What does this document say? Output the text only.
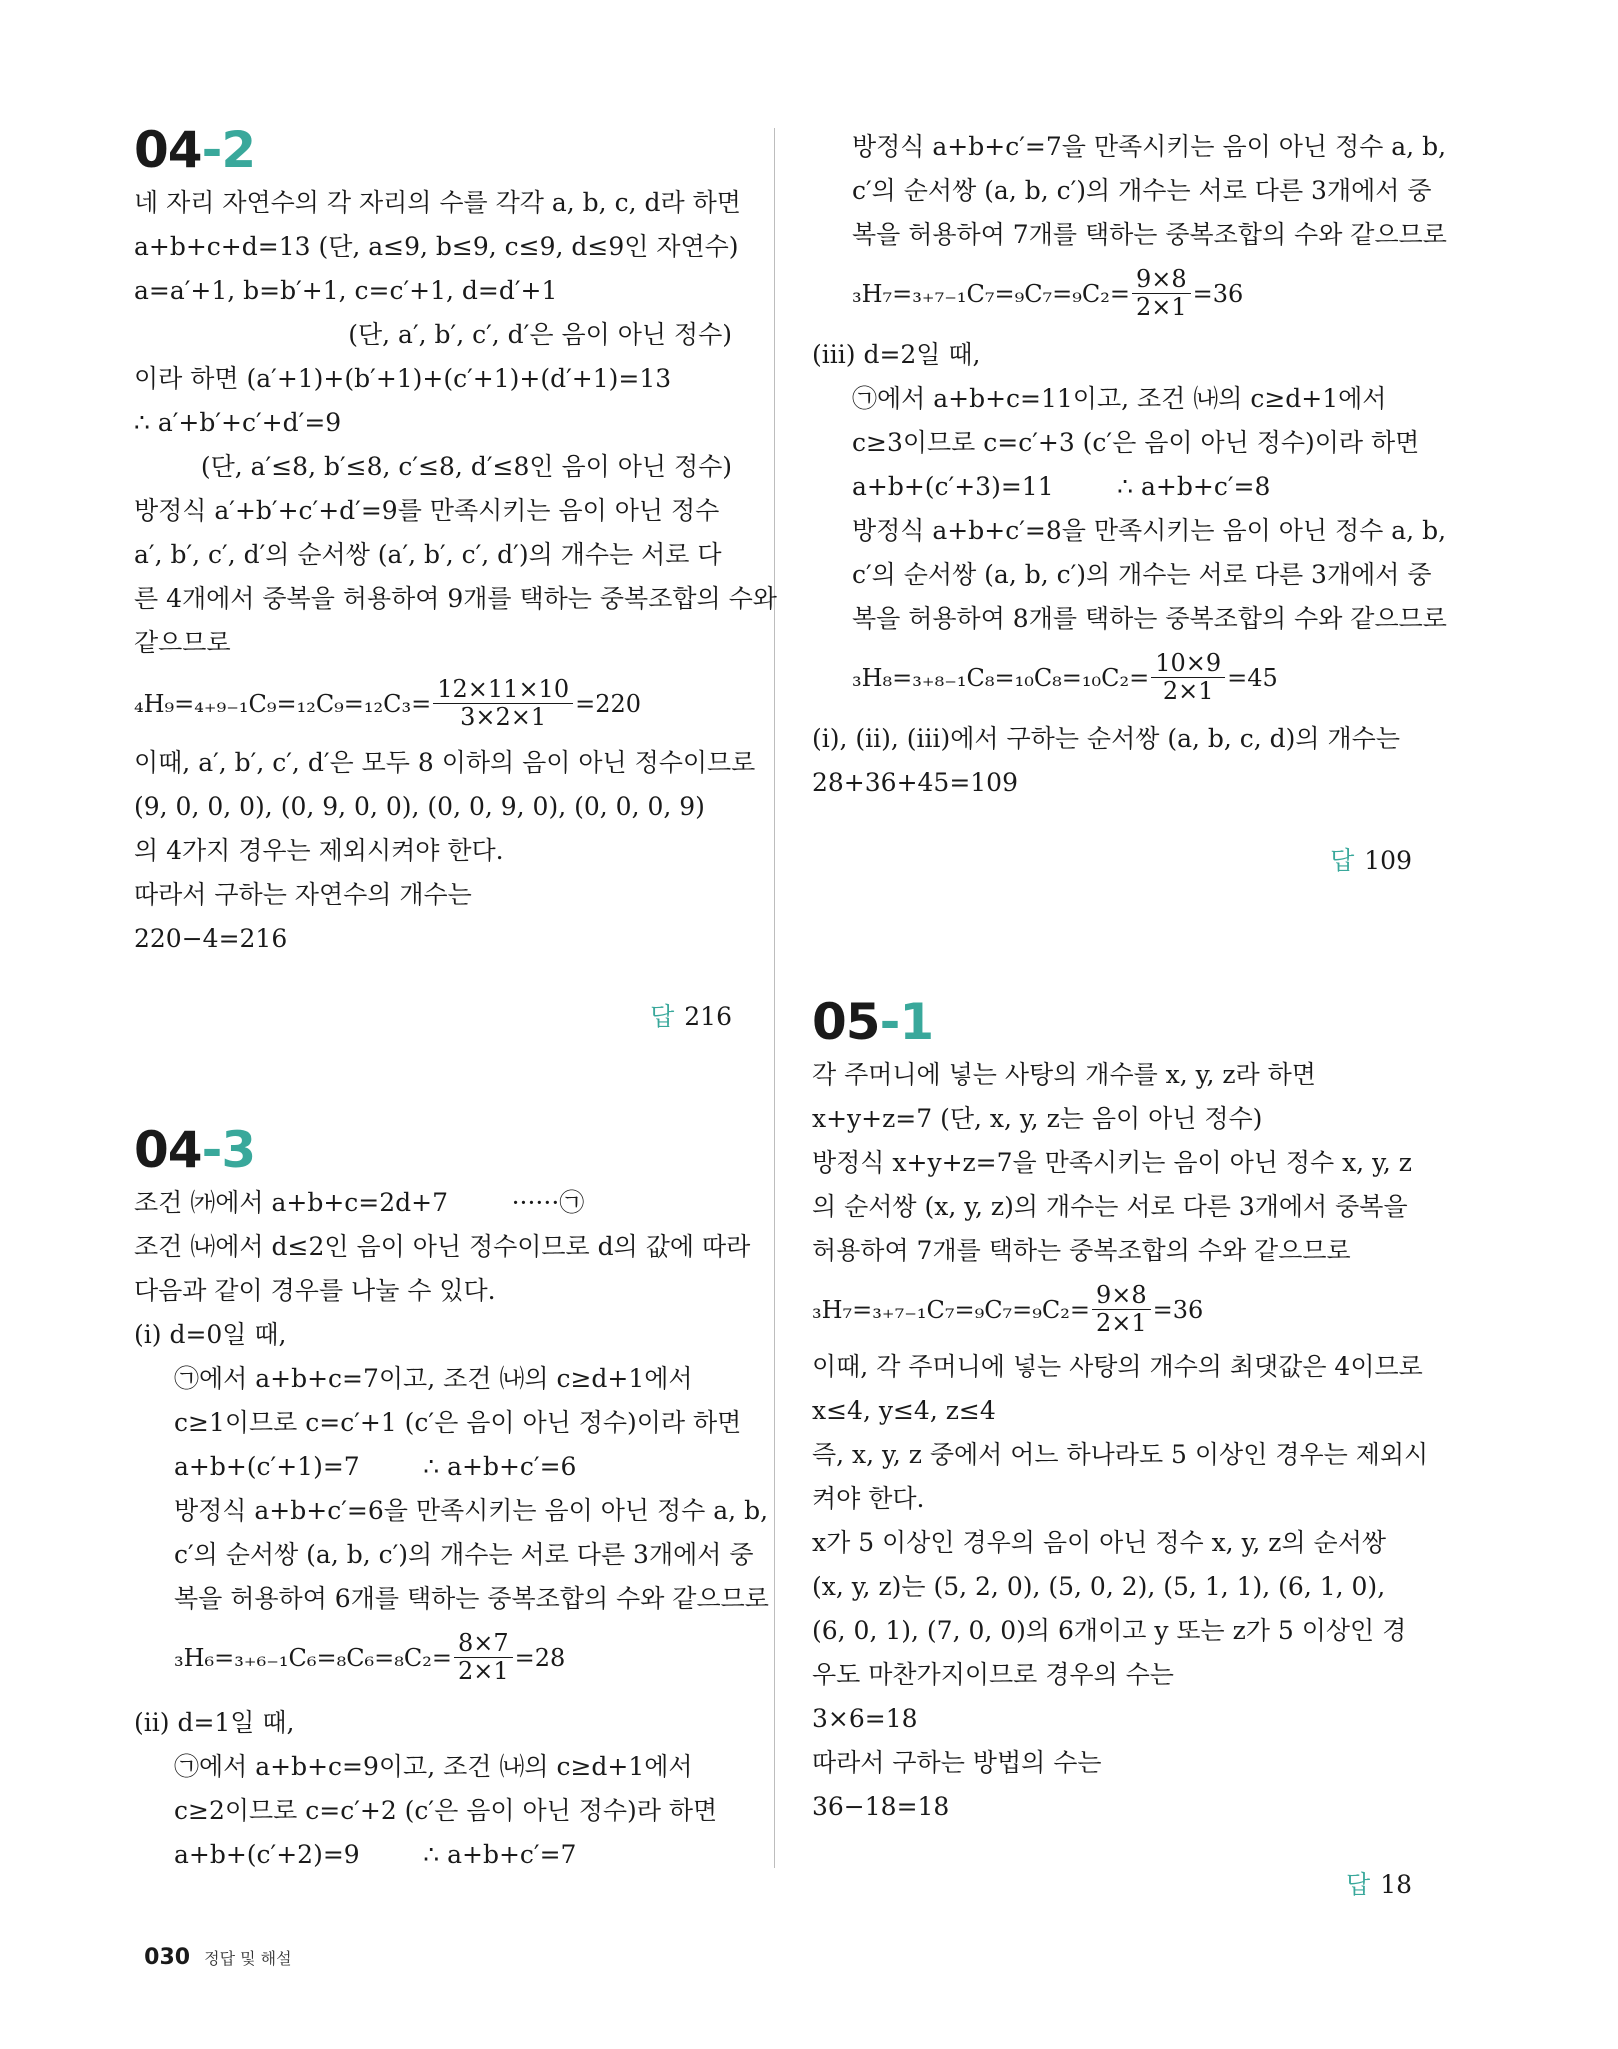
04-2
네 자리 자연수의 각 자리의 수를 각각 a, b, c, d라 하면
a+b+c+d=13 (단, a≤9, b≤9, c≤9, d≤9인 자연수)
a=a′+1, b=b′+1, c=c′+1, d=d′+1
(단, a′, b′, c′, d′은 음이 아닌 정수)
이라 하면 (a′+1)+(b′+1)+(c′+1)+(d′+1)=13
∴ a′+b′+c′+d′=9
(단, a′≤8, b′≤8, c′≤8, d′≤8인 음이 아닌 정수)
방정식 a′+b′+c′+d′=9를 만족시키는 음이 아닌 정수
a′, b′, c′, d′의 순서쌍 (a′, b′, c′, d′)의 개수는 서로 다
른 4개에서 중복을 허용하여 9개를 택하는 중복조합의 수와
같으므로
$_4H_9=_{4+9-1}C_9=_{12}C_9=_{12}C_3= \frac{12\times 11\times 10}{3\times 2\times 1} =220$
이때, a′, b′, c′, d′은 모두 8 이하의 음이 아닌 정수이므로
(9, 0, 0, 0), (0, 9, 0, 0), (0, 0, 9, 0), (0, 0, 0, 9)
의 4가지 경우는 제외시켜야 한다.
따라서 구하는 자연수의 개수는
220−4=216

답 216

04-3
조건 ㈎에서 a+b+c=2d+7        ······㉠
조건 ㈏에서 d≤2인 음이 아닌 정수이므로 d의 값에 따라
다음과 같이 경우를 나눌 수 있다.
(ⅰ) d=0일 때,
㉠에서 a+b+c=7이고, 조건 ㈏의 c≥d+1에서
c≥1이므로 c=c′+1 (c′은 음이 아닌 정수)이라 하면
a+b+(c′+1)=7        ∴ a+b+c′=6
방정식 a+b+c′=6을 만족시키는 음이 아닌 정수 a, b,
c′의 순서쌍 (a, b, c′)의 개수는 서로 다른 3개에서 중
복을 허용하여 6개를 택하는 중복조합의 수와 같으므로
$_3H_6=_{3+6-1}C_6=_8C_6=_8C_2= \frac{8\times 7}{2\times 1} =28$
(ⅱ) d=1일 때,
㉠에서 a+b+c=9이고, 조건 ㈏의 c≥d+1에서
c≥2이므로 c=c′+2 (c′은 음이 아닌 정수)라 하면
a+b+(c′+2)=9        ∴ a+b+c′=7
방정식 a+b+c′=7을 만족시키는 음이 아닌 정수 a, b,
c′의 순서쌍 (a, b, c′)의 개수는 서로 다른 3개에서 중
복을 허용하여 7개를 택하는 중복조합의 수와 같으므로
$_3H_7=_{3+7-1}C_7=_9C_7=_9C_2= \frac{9\times 8}{2\times 1} =36$
(ⅲ) d=2일 때,
㉠에서 a+b+c=11이고, 조건 ㈏의 c≥d+1에서
c≥3이므로 c=c′+3 (c′은 음이 아닌 정수)이라 하면
a+b+(c′+3)=11        ∴ a+b+c′=8
방정식 a+b+c′=8을 만족시키는 음이 아닌 정수 a, b,
c′의 순서쌍 (a, b, c′)의 개수는 서로 다른 3개에서 중
복을 허용하여 8개를 택하는 중복조합의 수와 같으므로
$_3H_8=_{3+8-1}C_8=_{10}C_8=_{10}C_2= \frac{10\times 9}{2\times 1} =45$
(ⅰ), (ⅱ), (ⅲ)에서 구하는 순서쌍 (a, b, c, d)의 개수는
28+36+45=109

답 109

05-1
각 주머니에 넣는 사탕의 개수를 x, y, z라 하면
x+y+z=7 (단, x, y, z는 음이 아닌 정수)
방정식 x+y+z=7을 만족시키는 음이 아닌 정수 x, y, z
의 순서쌍 (x, y, z)의 개수는 서로 다른 3개에서 중복을
허용하여 7개를 택하는 중복조합의 수와 같으므로
$_3H_7=_{3+7-1}C_7=_9C_7=_9C_2= \frac{9\times 8}{2\times 1} =36$
이때, 각 주머니에 넣는 사탕의 개수의 최댓값은 4이므로
x≤4, y≤4, z≤4
즉, x, y, z 중에서 어느 하나라도 5 이상인 경우는 제외시
켜야 한다.
x가 5 이상인 경우의 음이 아닌 정수 x, y, z의 순서쌍
(x, y, z)는 (5, 2, 0), (5, 0, 2), (5, 1, 1), (6, 1, 0),
(6, 0, 1), (7, 0, 0)의 6개이고 y 또는 z가 5 이상인 경
우도 마찬가지이므로 경우의 수는
3×6=18
따라서 구하는 방법의 수는
36−18=18

답 18

030 정답 및 해설
